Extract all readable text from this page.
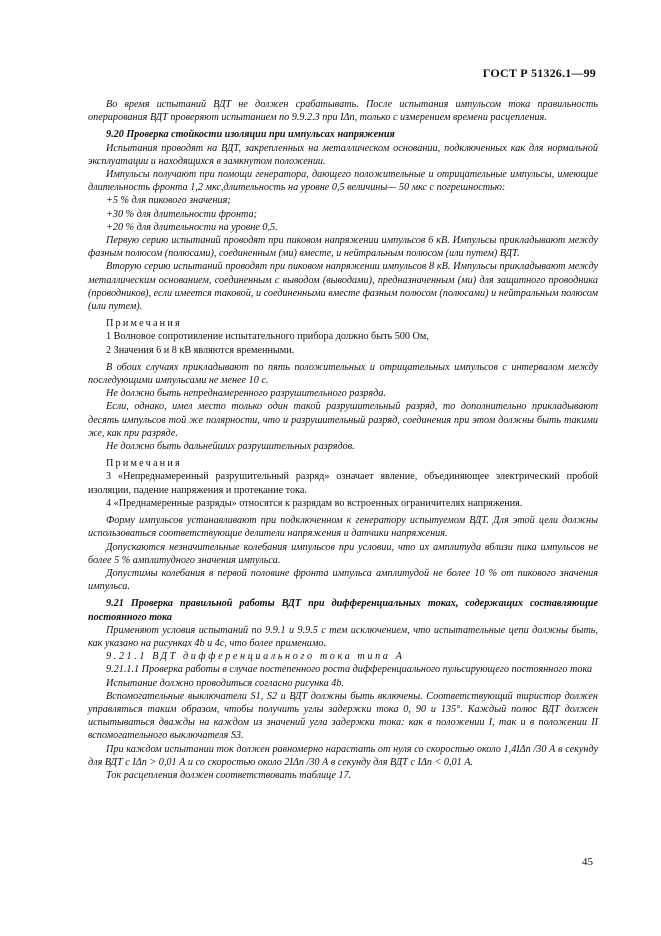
ГОСТ Р 51326.1—99

Во время испытаний ВДТ не должен срабатывать. После испытания импульсом тока правильность оперирования ВДТ проверяют испытанием по 9.9.2.3 при IΔn, только с измерением времени расцепления.

9.20 Проверка стойкости изоляции при импульсах напряжения

Испытания проводят на ВДТ, закрепленных на металлическом основании, подключенных как для нормальной эксплуатации и находящихся в замкнутом положении.

Импульсы получают при помощи генератора, дающего положительные и отрицательные импульсы, имеющие длительность фронта 1,2 мкс,длительность на уровне 0,5 величины— 50 мкс с погрешностью:

+5 % для пикового значения;

+30 % для длительности фронта;

+20 % для длительности на уровне 0,5.

Первую серию испытаний проводят при пиковом напряжении импульсов 6 кВ. Импульсы прикладывают между фазным полюсом (полюсами), соединенным (ми) вместе, и нейтральным полюсом (или путем) ВДТ.

Вторую серию испытаний проводят при пиковом напряжении импульсов 8 кВ. Импульсы прикладывают между металлическим основанием, соединенным с выводом (выводами), предназначенным (ми) для защитного проводника (проводников), если имеется таковой, и соединенными вместе фазным полюсом (полюсами) и нейтральным полюсом (или путем).

Примечания

1 Волновое сопротивление испытательного прибора должно быть 500 Ом,

2 Значения 6 и 8 кВ являются временными.

В обоих случаях прикладывают по пять положительных и отрицательных импульсов с интервалом между последующими импульсами не менее 10 с.

Не должно быть непреднамеренного разрушительного разряда.

Если, однако, имел место только один такой разрушительный разряд, то дополнительно прикладывают десять импульсов той же полярности, что и разрушительный разряд, соединения при этом должны быть такими же, как при разряде.

Не должно быть дальнейших разрушительных разрядов.

Примечания

3 «Непреднамеренный разрушительный разряд» означает явление, объединяющее электрический пробой изоляции, падение напряжения и протекание тока.

4 «Преднамеренные разряды» относятся к разрядам во встроенных ограничителях напряжения.

Форму импульсов устанавливают при подключенном к генератору испытуемом ВДТ. Для этой цели должны использоваться соответствующие делители напряжения и датчики напряжения.

Допускаются незначительные колебания импульсов при условии, что их амплитуда вблизи пика импульсов не более 5 % амплитудного значения импульса.

Допустимы колебания в первой половине фронта импульса амплитудой не более 10 % от пикового значения импульса.

9.21 Проверка правильной работы ВДТ при дифференциальных токах, содержащих составляющие постоянного тока

Применяют условия испытаний по 9.9.1 и 9.9.5 с тем исключением, что испытательные цепи должны быть, как указано на рисунках 4b и 4c, что более применимо.

9.21.1 ВДТ дифференциального тока типа А

9.21.1.1 Проверка работы в случае постепенного роста дифференциального пульсирующего постоянного тока

Испытание должно проводиться согласно рисунка 4b.

Вспомогательные выключатели S1, S2 и ВДТ должны быть включены. Соответствующий тиристор должен управляться таким образом, чтобы получить углы задержки тока 0, 90 и 135°. Каждый полюс ВДТ должен испытываться дважды на каждом из значений угла задержки тока: как в положении I, так и в положении II вспомогательного выключателя S3.

При каждом испытании ток должен равномерно нарастать от нуля со скоростью около 1,4IΔn /30 А в секунду для ВДТ с IΔn > 0,01 А и со скоростью около 2IΔn /30 А в секунду для ВДТ с IΔn < 0,01 А.

Ток расцепления должен соответствовать таблице 17.

45
